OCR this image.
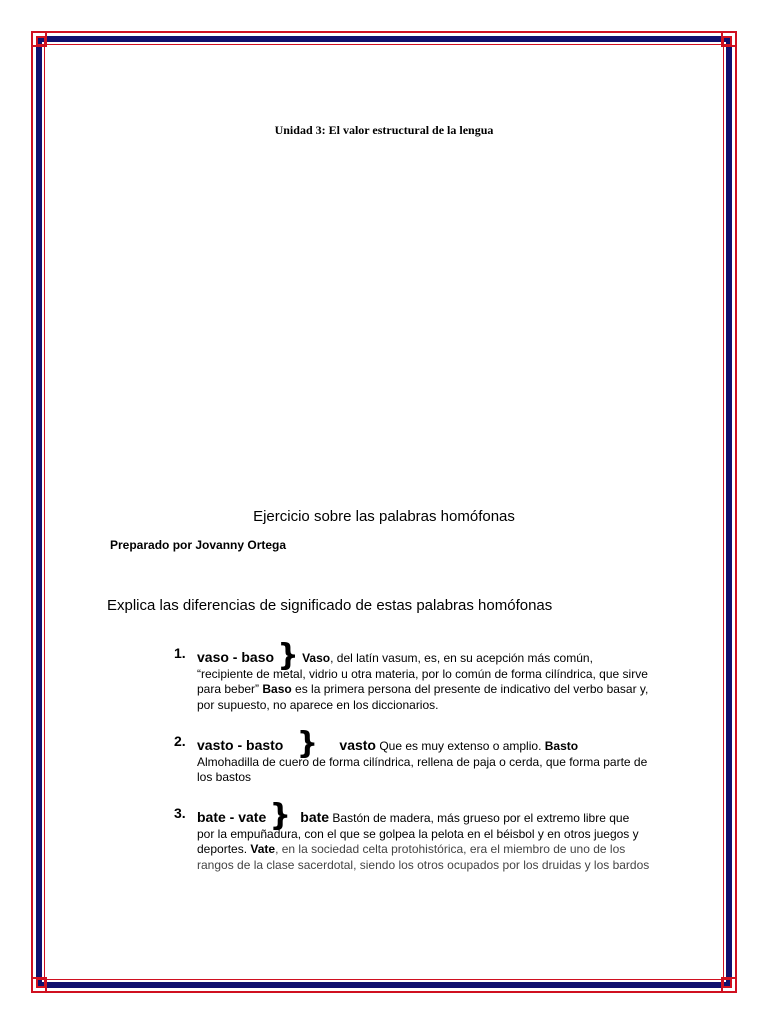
Unidad 3: El valor estructural de la lengua
Ejercicio sobre las palabras homófonas
Preparado por Jovanny Ortega
Explica las diferencias de significado de estas palabras homófonas
1. vaso - baso } Vaso, del latín vasum, es, en su acepción más común,
“recipiente de metal, vidrio u otra materia, por lo común de forma cilíndrica, que sirve para beber” Baso es la primera persona del presente de indicativo del verbo basar y, por supuesto, no aparece en los diccionarios.
2. vasto - basto } vasto Que es muy extenso o amplio. Basto
Almohadilla de cuero de forma cilíndrica, rellena de paja o cerda, que forma parte de los bastos
3. bate - vate } bate Bastón de madera, más grueso por el extremo libre que
por la empuñadura, con el que se golpea la pelota en el béisbol y en otros juegos y deportes. Vate, en la sociedad celta protohistórica, era el miembro de uno de los rangos de la clase sacerdotal, siendo los otros ocupados por los druidas y los bardos
